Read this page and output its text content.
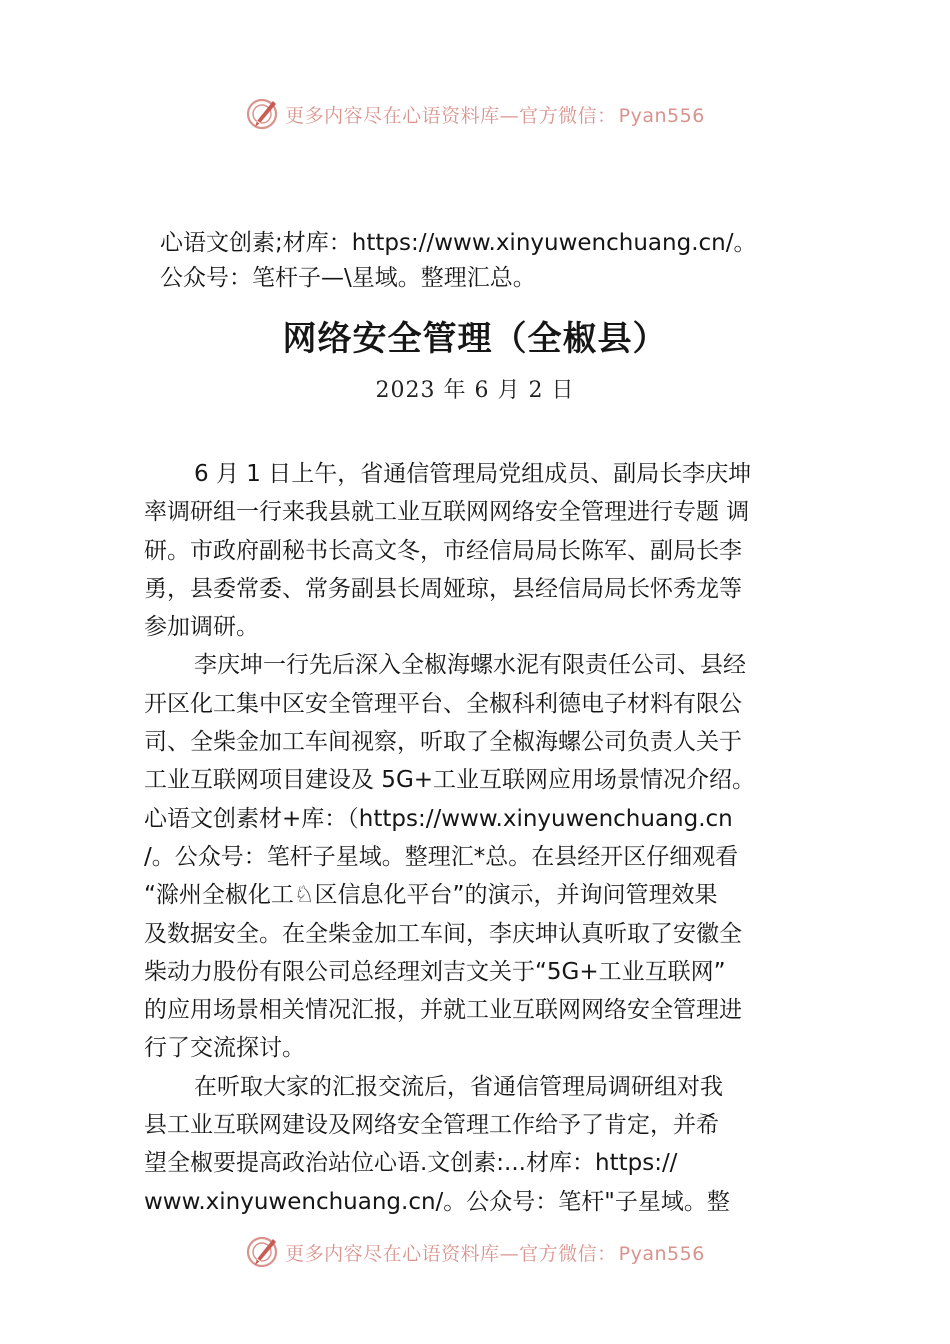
更多内容尽在心语资料库—官方微信： Pyan556
心语文创素;材库：https://www.xinyuwenchuang.cn/。
公众号：笔杆子—\星域。整理汇总。
网络安全管理（全椒县）
2023 年 6 月 2 日
6 月 1 日上午，省通信管理局党组成员、副局长李庆坤
率调研组一行来我县就工业互联网网络安全管理进行专题 调
研。市政府副秘书长高文冬，市经信局局长陈军、副局长李
勇，县委常委、常务副县长周娅琼，县经信局局长怀秀龙等
参加调研。
李庆坤一行先后深入全椒海螺水泥有限责任公司、县经
开区化工集中区安全管理平台、全椒科利德电子材料有限公
司、全柴金加工车间视察，听取了全椒海螺公司负责人关于
工业互联网项目建设及 5G+工业互联网应用场景情况介绍。
心语文创素材+库：（https://www.xinyuwenchuang.cn
/。公众号：笔杆子星域。整理汇*总。在县经开区仔细观看
“滁州全椒化工♘区信息化平台”的演示，并询问管理效果
及数据安全。在全柴金加工车间，李庆坤认真听取了安徽全
柴动力股份有限公司总经理刘吉文关于“5G+工业互联网”
的应用场景相关情况汇报，并就工业互联网网络安全管理进
行了交流探讨。
在听取大家的汇报交流后，省通信管理局调研组对我
县工业互联网建设及网络安全管理工作给予了肯定，并希
望全椒要提高政治站位心语.文创素:...材库：https://
www.xinyuwenchuang.cn/。公众号：笔杆"子星域。整
更多内容尽在心语资料库—官方微信： Pyan556
